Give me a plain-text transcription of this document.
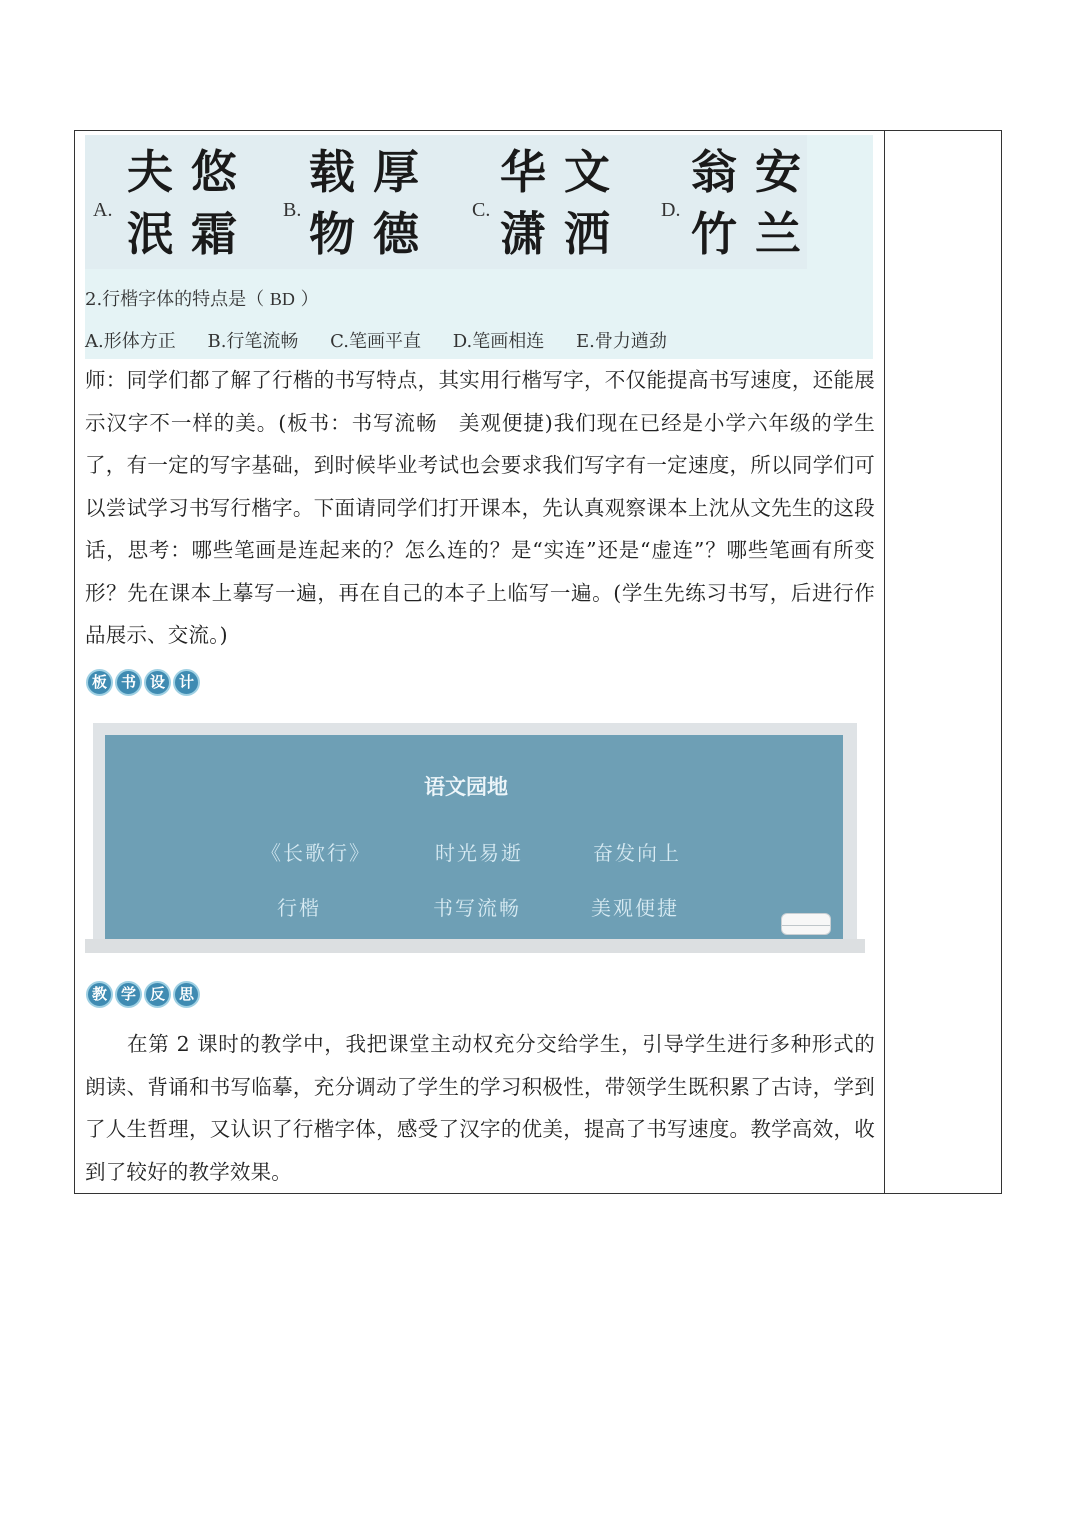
A.
夫 悠
泯 霜	B.
载 厚
物 德	C.
华 文
潇 洒	D.
翁 安
竹 兰
2.行楷字体的特点是（ BD ）
A.形体方正 B.行笔流畅 C.笔画平直 D.笔画相连 E.骨力遒劲

师：同学们都了解了行楷的书写特点，其实用行楷写字，不仅能提高书写速度，还能展示汉字不一样的美。(板书：书写流畅　美观便捷)我们现在已经是小学六年级的学生了，有一定的写字基础，到时候毕业考试也会要求我们写字有一定速度，所以同学们可以尝试学习书写行楷字。下面请同学们打开课本，先认真观察课本上沈从文先生的这段话，思考：哪些笔画是连起来的？怎么连的？是“实连”还是“虚连”？哪些笔画有所变形？先在课本上摹写一遍，再在自己的本子上临写一遍。(学生先练习书写，后进行作品展示、交流。)

板 书 设 计
语文园地
《长歌行》	时光易逝	奋发向上
行楷	书写流畅	美观便捷
教 学 反 思

在第 2 课时的教学中，我把课堂主动权充分交给学生，引导学生进行多种形式的朗读、背诵和书写临摹，充分调动了学生的学习积极性，带领学生既积累了古诗，学到了人生哲理，又认识了行楷字体，感受了汉字的优美，提高了书写速度。教学高效，收到了较好的教学效果。
